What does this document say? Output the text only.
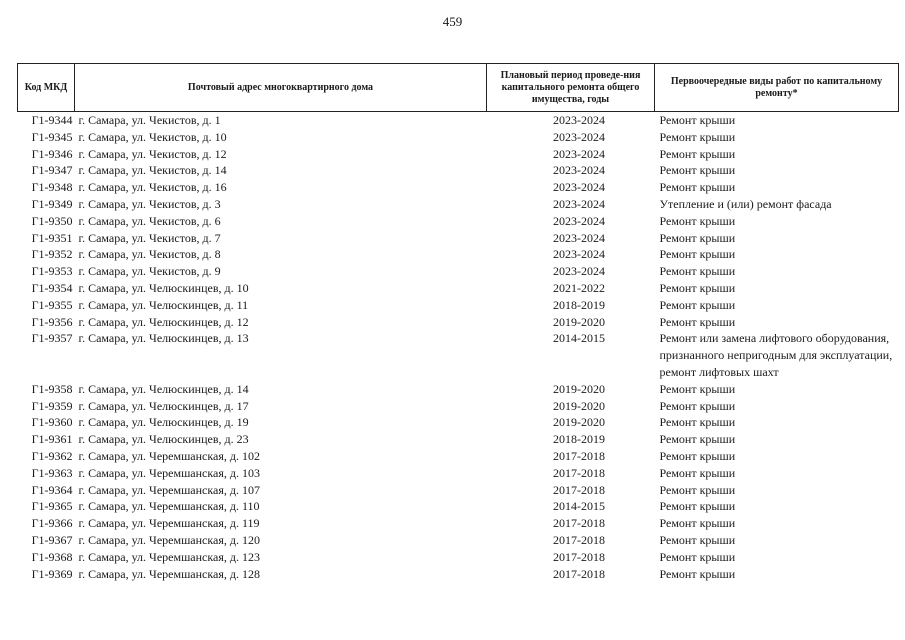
459
Код МКД	Почтовый адрес многоквартирного дома	Плановый период проведе-ния капитального ремонта общего имущества, годы	Первоочередные виды работ по капитальному ремонту*
Г1-9344	г. Самара, ул. Чекистов, д. 1	2023-2024	Ремонт крыши
Г1-9345	г. Самара, ул. Чекистов, д. 10	2023-2024	Ремонт крыши
Г1-9346	г. Самара, ул. Чекистов, д. 12	2023-2024	Ремонт крыши
Г1-9347	г. Самара, ул. Чекистов, д. 14	2023-2024	Ремонт крыши
Г1-9348	г. Самара, ул. Чекистов, д. 16	2023-2024	Ремонт крыши
Г1-9349	г. Самара, ул. Чекистов, д. 3	2023-2024	Утепление и (или) ремонт фасада
Г1-9350	г. Самара, ул. Чекистов, д. 6	2023-2024	Ремонт крыши
Г1-9351	г. Самара, ул. Чекистов, д. 7	2023-2024	Ремонт крыши
Г1-9352	г. Самара, ул. Чекистов, д. 8	2023-2024	Ремонт крыши
Г1-9353	г. Самара, ул. Чекистов, д. 9	2023-2024	Ремонт крыши
Г1-9354	г. Самара, ул. Челюскинцев, д. 10	2021-2022	Ремонт крыши
Г1-9355	г. Самара, ул. Челюскинцев, д. 11	2018-2019	Ремонт крыши
Г1-9356	г. Самара, ул. Челюскинцев, д. 12	2019-2020	Ремонт крыши
Г1-9357	г. Самара, ул. Челюскинцев, д. 13	2014-2015	Ремонт или замена лифтового оборудования, признанного непригодным для эксплуатации, ремонт лифтовых шахт
Г1-9358	г. Самара, ул. Челюскинцев, д. 14	2019-2020	Ремонт крыши
Г1-9359	г. Самара, ул. Челюскинцев, д. 17	2019-2020	Ремонт крыши
Г1-9360	г. Самара, ул. Челюскинцев, д. 19	2019-2020	Ремонт крыши
Г1-9361	г. Самара, ул. Челюскинцев, д. 23	2018-2019	Ремонт крыши
Г1-9362	г. Самара, ул. Черемшанская, д. 102	2017-2018	Ремонт крыши
Г1-9363	г. Самара, ул. Черемшанская, д. 103	2017-2018	Ремонт крыши
Г1-9364	г. Самара, ул. Черемшанская, д. 107	2017-2018	Ремонт крыши
Г1-9365	г. Самара, ул. Черемшанская, д. 110	2014-2015	Ремонт крыши
Г1-9366	г. Самара, ул. Черемшанская, д. 119	2017-2018	Ремонт крыши
Г1-9367	г. Самара, ул. Черемшанская, д. 120	2017-2018	Ремонт крыши
Г1-9368	г. Самара, ул. Черемшанская, д. 123	2017-2018	Ремонт крыши
Г1-9369	г. Самара, ул. Черемшанская, д. 128	2017-2018	Ремонт крыши
